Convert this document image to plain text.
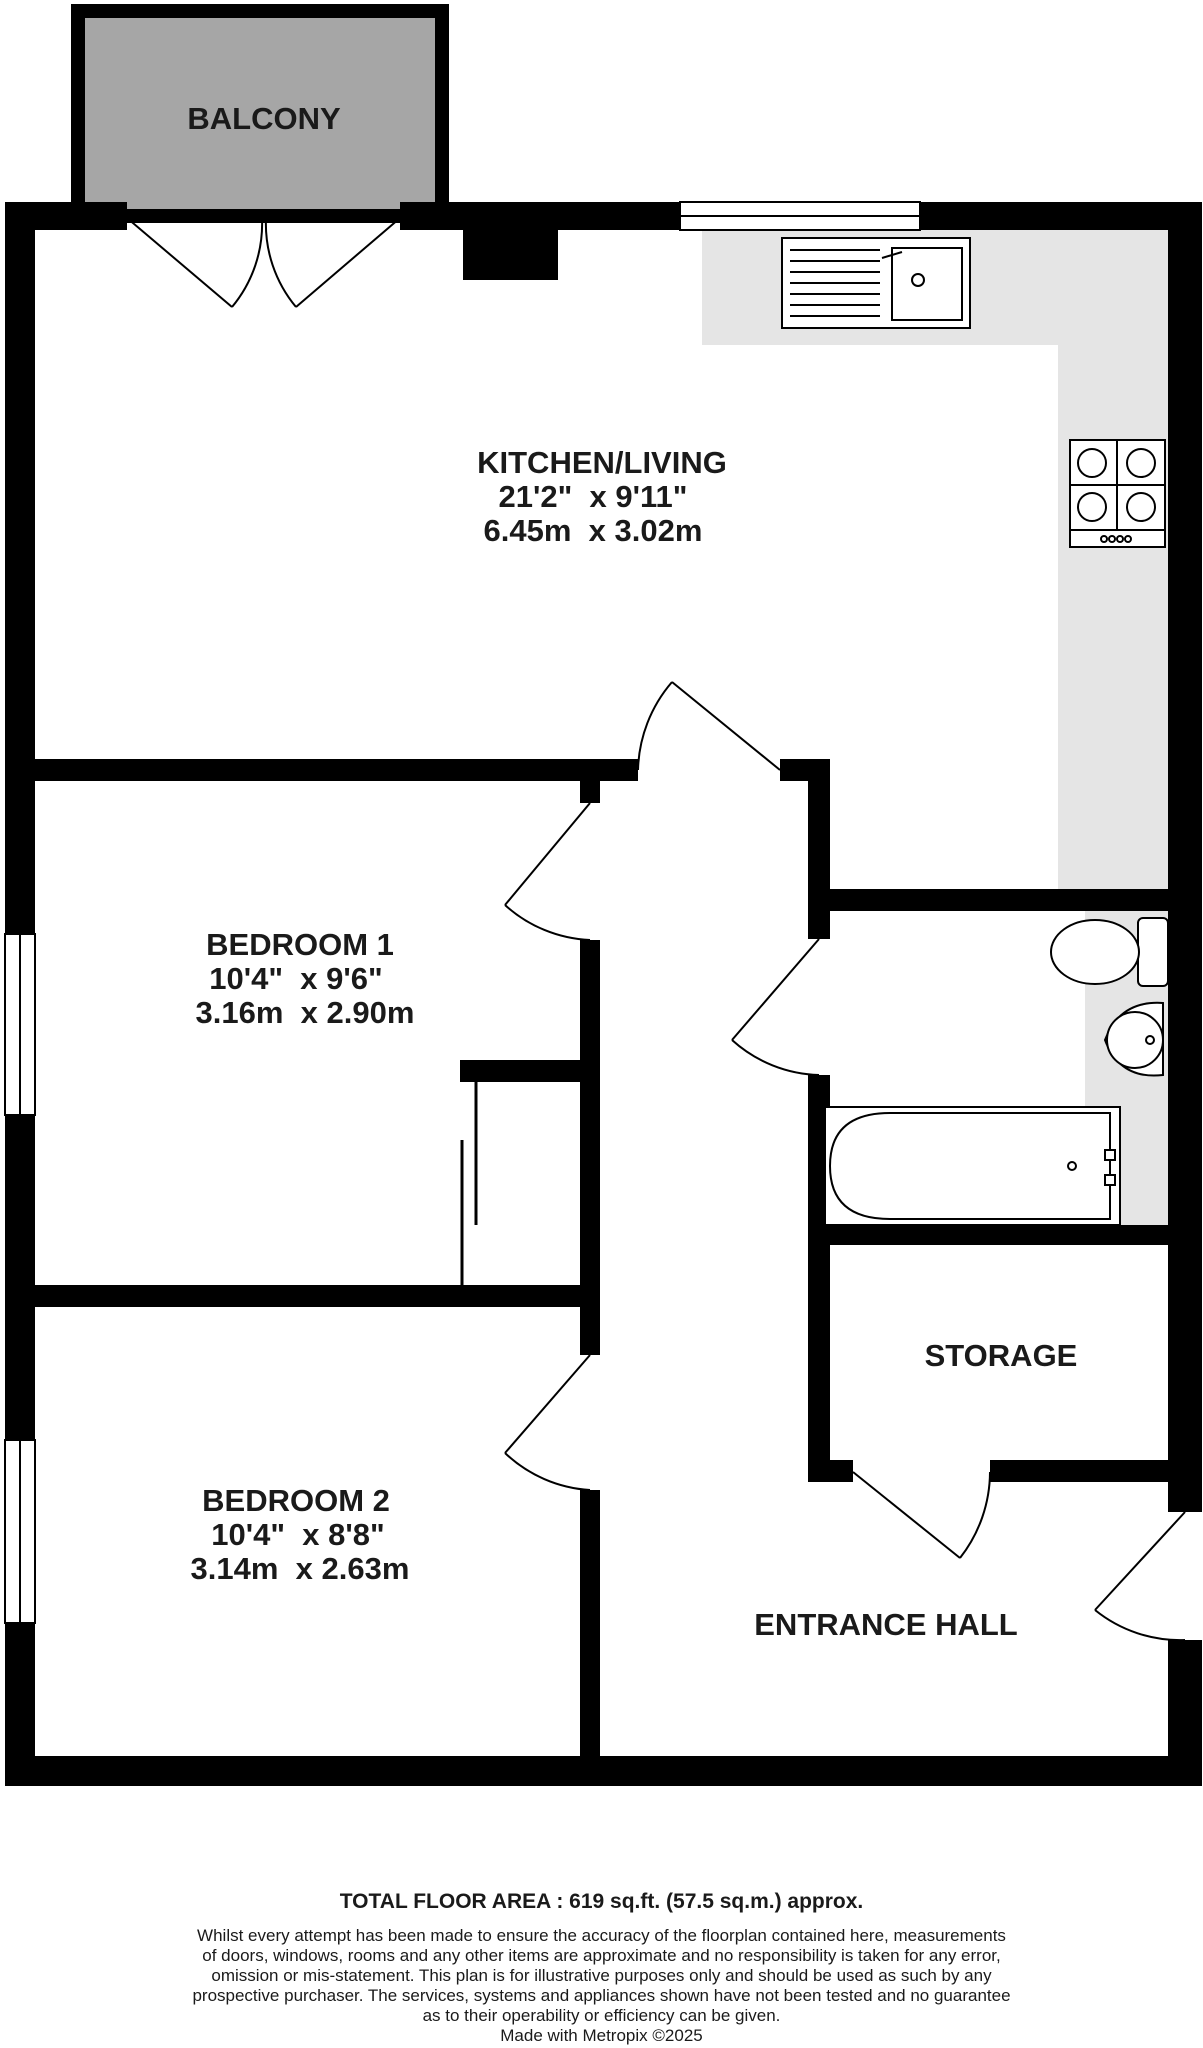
BALCONY
KITCHEN/LIVING
21'2"  x 9'11"
6.45m  x 3.02m
BEDROOM 1
10'4"  x 9'6"
3.16m  x 2.90m
BEDROOM 2
10'4"  x 8'8"
3.14m  x 2.63m
STORAGE
ENTRANCE HALL
TOTAL FLOOR AREA : 619 sq.ft. (57.5 sq.m.) approx.
Whilst every attempt has been made to ensure the accuracy of the floorplan contained here, measurements
of doors, windows, rooms and any other items are approximate and no responsibility is taken for any error,
omission or mis-statement. This plan is for illustrative purposes only and should be used as such by any
prospective purchaser. The services, systems and appliances shown have not been tested and no guarantee
as to their operability or efficiency can be given.
Made with Metropix ©2025
